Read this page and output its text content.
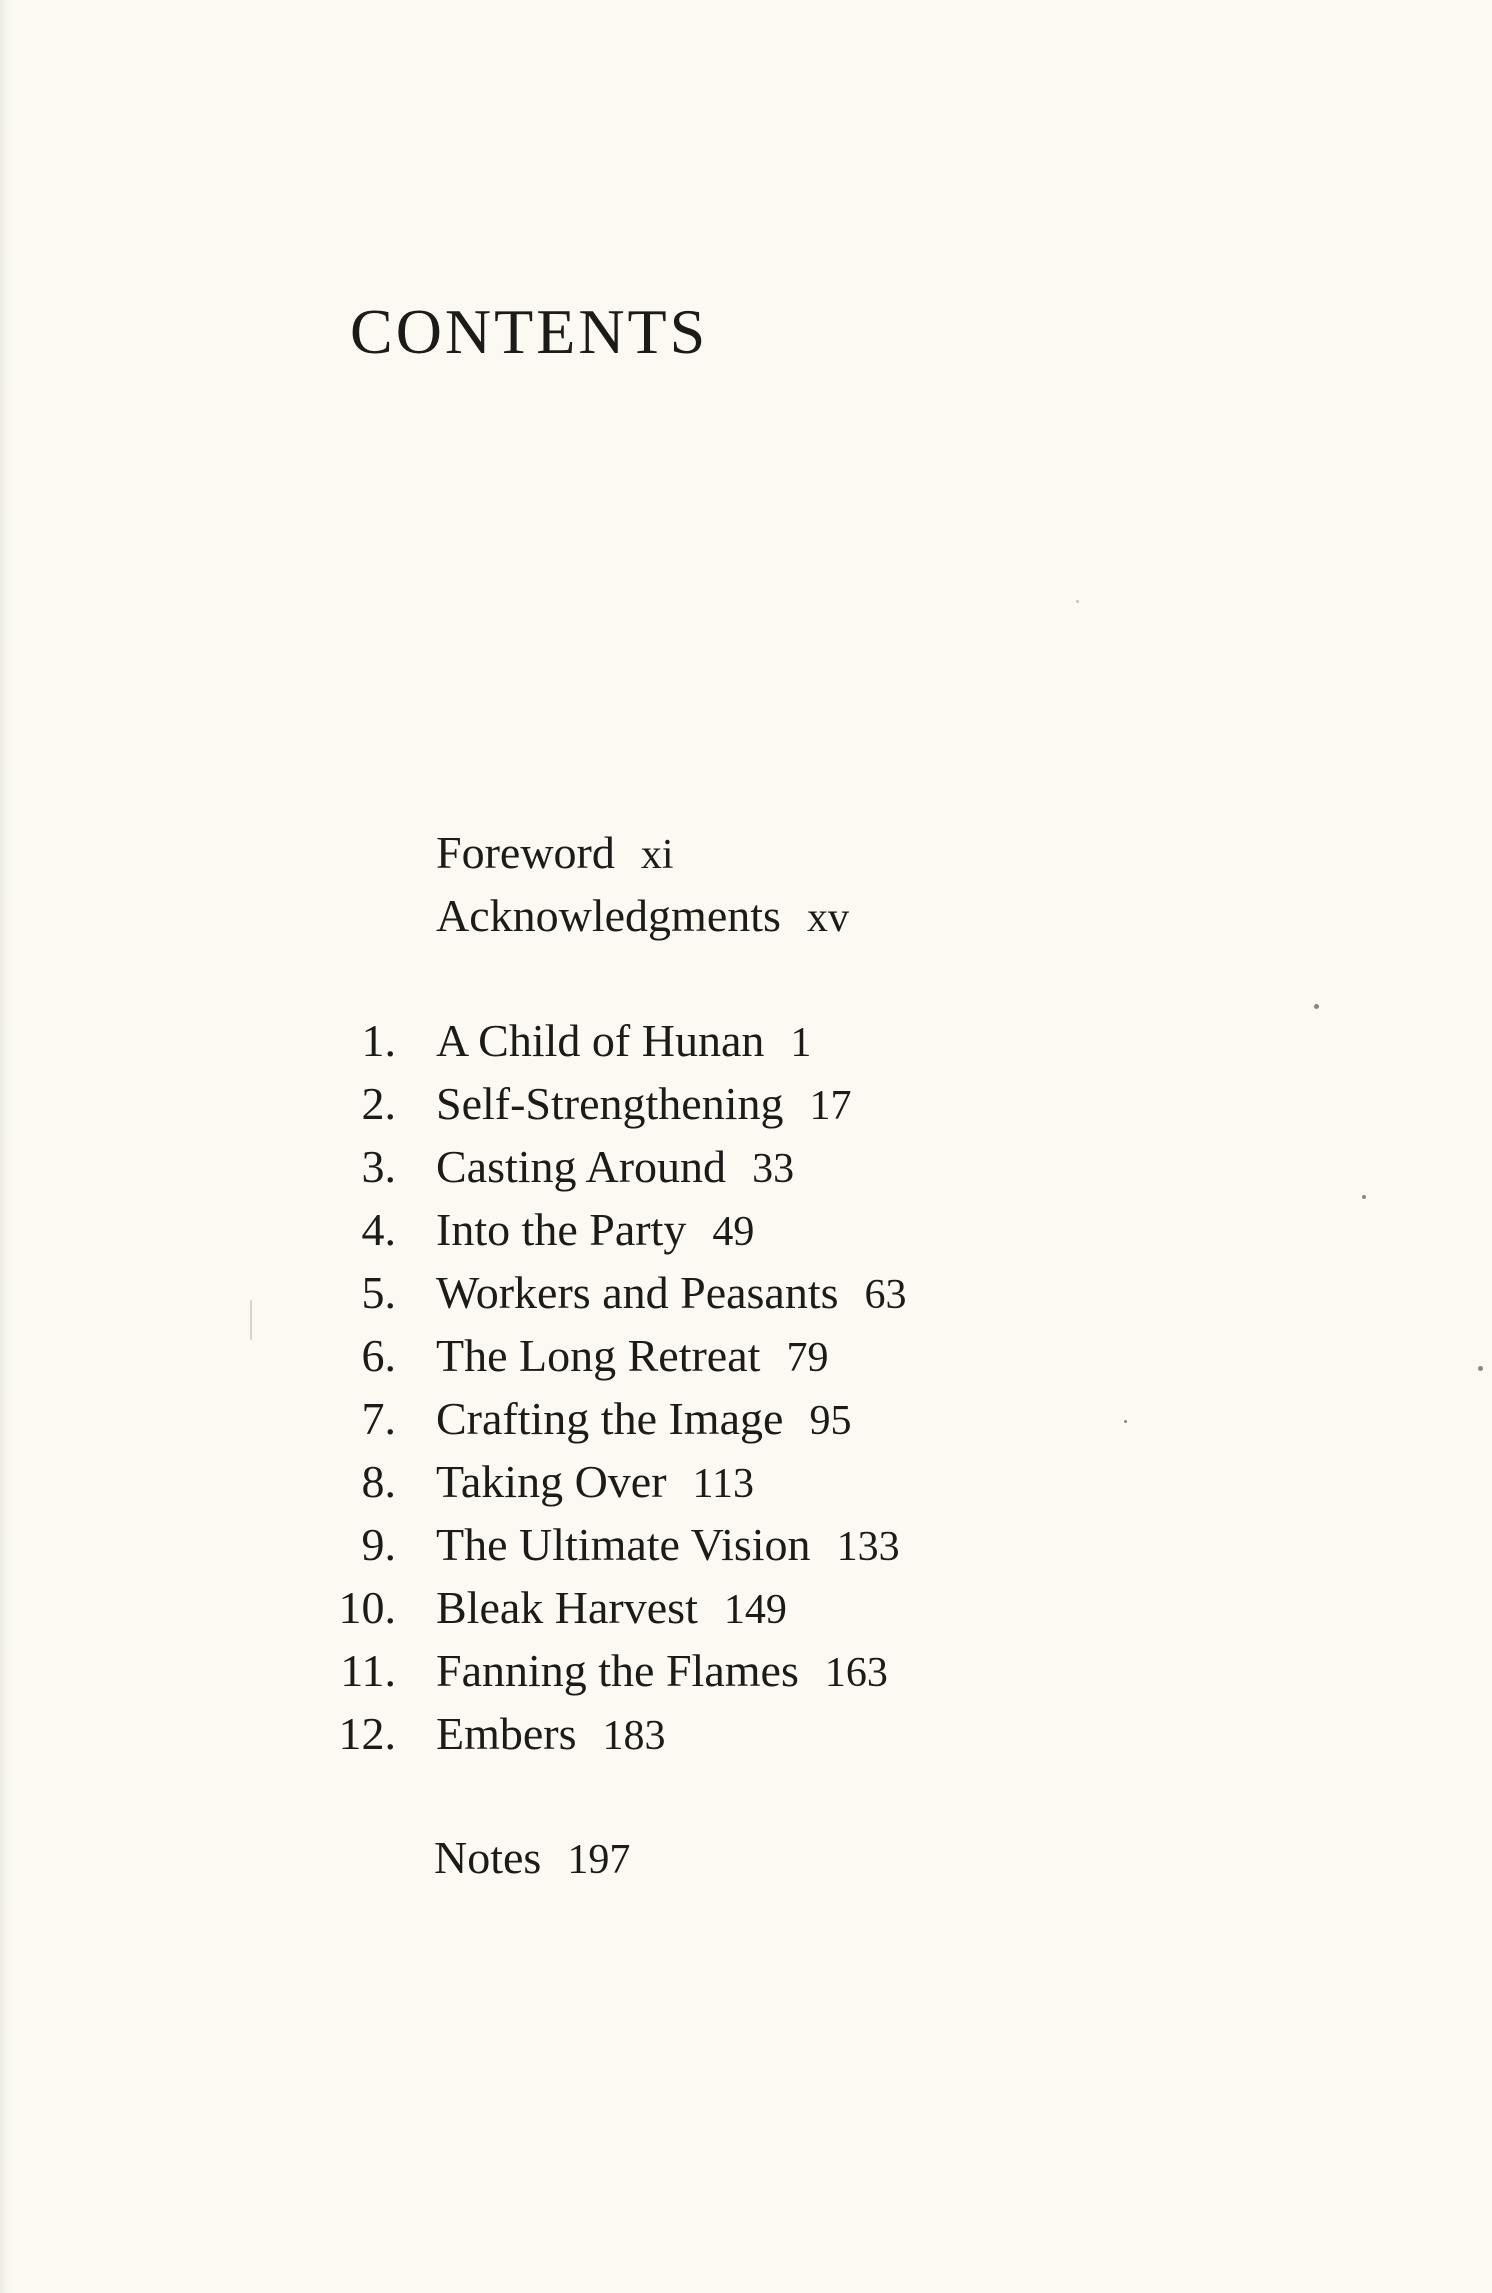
CONTENTS
Foreword xi
Acknowledgments xv
1. A Child of Hunan 1
2. Self-Strengthening 17
3. Casting Around 33
4. Into the Party 49
5. Workers and Peasants 63
6. The Long Retreat 79
7. Crafting the Image 95
8. Taking Over 113
9. The Ultimate Vision 133
10. Bleak Harvest 149
11. Fanning the Flames 163
12. Embers 183
Notes 197
